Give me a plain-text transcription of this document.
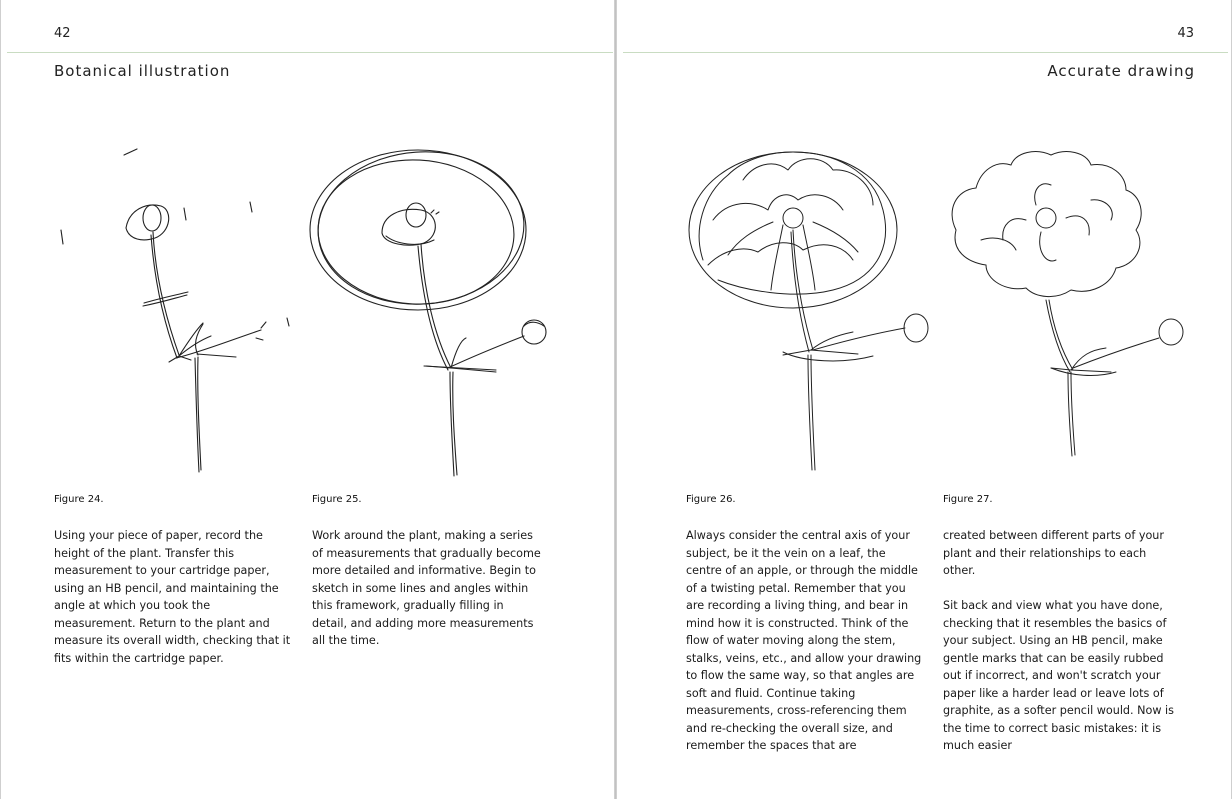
42
Botanical illustration
Figure 24.	Figure 25.

Using your piece of paper, record the height of the plant. Transfer this measurement to your cartridge paper, using an HB pencil, and maintaining the angle at which you took the measurement. Return to the plant and measure its overall width, checking that it fits within the cartridge paper.

Work around the plant, making a series of measurements that gradually become more detailed and informative. Begin to sketch in some lines and angles within this framework, gradually filling in detail, and adding more measurements all the time.

43
Accurate drawing
Figure 26.	Figure 27.

Always consider the central axis of your subject, be it the vein on a leaf, the centre of an apple, or through the middle of a twisting petal. Remember that you are recording a living thing, and bear in mind how it is constructed. Think of the flow of water moving along the stem, stalks, veins, etc., and allow your drawing to flow the same way, so that angles are soft and fluid. Continue taking measurements, cross-referencing them and re-checking the overall size, and remember the spaces that are

created between different parts of your plant and their relationships to each other.

Sit back and view what you have done, checking that it resembles the basics of your subject. Using an HB pencil, make gentle marks that can be easily rubbed out if incorrect, and won't scratch your paper like a harder lead or leave lots of graphite, as a softer pencil would. Now is the time to correct basic mistakes: it is much easier
